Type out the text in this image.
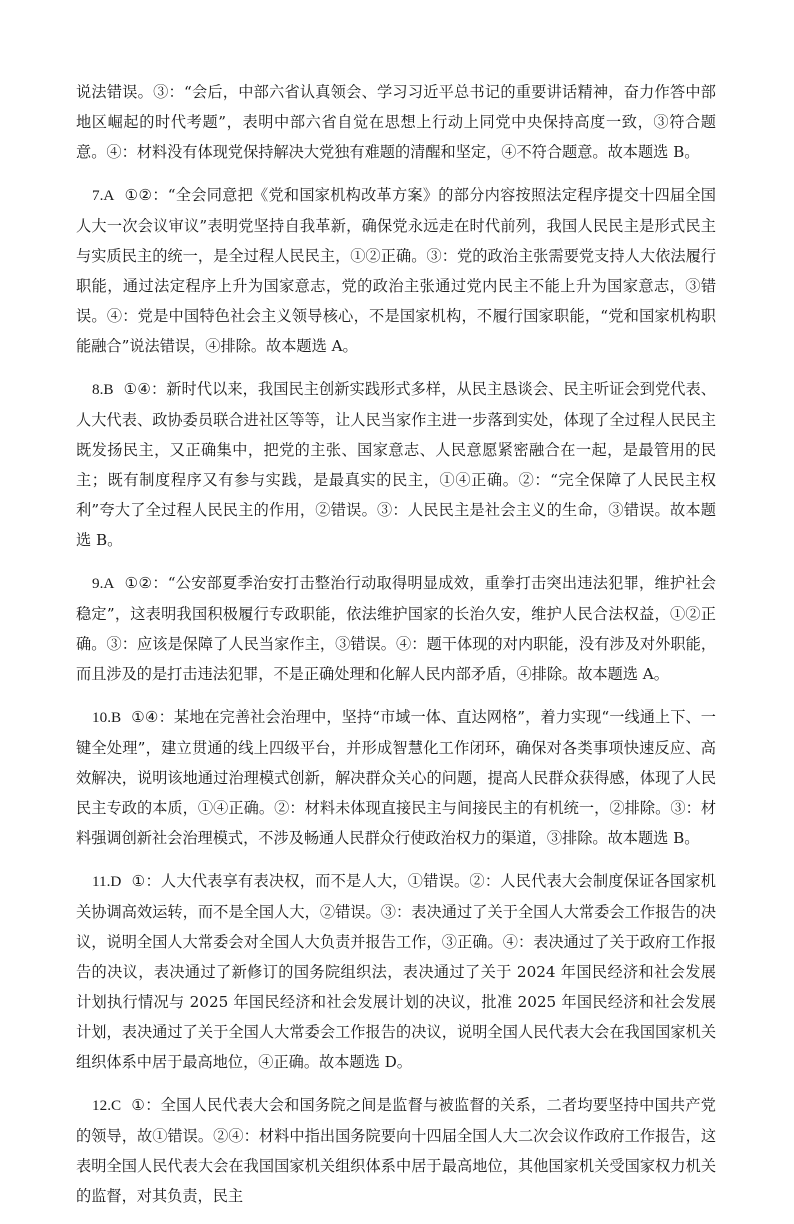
说法错误。③：“会后，中部六省认真领会、学习习近平总书记的重要讲话精神，奋力作答中部地区崛起的时代考题”，表明中部六省自觉在思想上行动上同党中央保持高度一致，③符合题意。④：材料没有体现党保持解决大党独有难题的清醒和坚定，④不符合题意。故本题选 B。

7.A ①②：“全会同意把《党和国家机构改革方案》的部分内容按照法定程序提交十四届全国人大一次会议审议”表明党坚持自我革新，确保党永远走在时代前列，我国人民民主是形式民主与实质民主的统一，是全过程人民民主，①②正确。③：党的政治主张需要党支持人大依法履行职能，通过法定程序上升为国家意志，党的政治主张通过党内民主不能上升为国家意志，③错误。④：党是中国特色社会主义领导核心，不是国家机构，不履行国家职能，“党和国家机构职能融合”说法错误，④排除。故本题选 A。

8.B ①④：新时代以来，我国民主创新实践形式多样，从民主恳谈会、民主听证会到党代表、人大代表、政协委员联合进社区等等，让人民当家作主进一步落到实处，体现了全过程人民民主既发扬民主，又正确集中，把党的主张、国家意志、人民意愿紧密融合在一起，是最管用的民主；既有制度程序又有参与实践，是最真实的民主，①④正确。②：“完全保障了人民民主权利”夸大了全过程人民民主的作用，②错误。③：人民民主是社会主义的生命，③错误。故本题选 B。

9.A ①②：“公安部夏季治安打击整治行动取得明显成效，重拳打击突出违法犯罪，维护社会稳定”，这表明我国积极履行专政职能，依法维护国家的长治久安，维护人民合法权益，①②正确。③：应该是保障了人民当家作主，③错误。④：题干体现的对内职能，没有涉及对外职能，而且涉及的是打击违法犯罪，不是正确处理和化解人民内部矛盾，④排除。故本题选 A。

10.B ①④：某地在完善社会治理中，坚持“市域一体、直达网格”，着力实现“一线通上下、一键全处理”，建立贯通的线上四级平台，并形成智慧化工作闭环，确保对各类事项快速反应、高效解决，说明该地通过治理模式创新，解决群众关心的问题，提高人民群众获得感，体现了人民民主专政的本质，①④正确。②：材料未体现直接民主与间接民主的有机统一，②排除。③：材料强调创新社会治理模式，不涉及畅通人民群众行使政治权力的渠道，③排除。故本题选 B。

11.D ①：人大代表享有表决权，而不是人大，①错误。②：人民代表大会制度保证各国家机关协调高效运转，而不是全国人大，②错误。③：表决通过了关于全国人大常委会工作报告的决议，说明全国人大常委会对全国人大负责并报告工作，③正确。④：表决通过了关于政府工作报告的决议，表决通过了新修订的国务院组织法，表决通过了关于 2024 年国民经济和社会发展计划执行情况与 2025 年国民经济和社会发展计划的决议，批准 2025 年国民经济和社会发展计划，表决通过了关于全国人大常委会工作报告的决议，说明全国人民代表大会在我国国家机关组织体系中居于最高地位，④正确。故本题选 D。

12.C ①：全国人民代表大会和国务院之间是监督与被监督的关系，二者均要坚持中国共产党的领导，故①错误。②④：材料中指出国务院要向十四届全国人大二次会议作政府工作报告，这表明全国人民代表大会在我国国家机关组织体系中居于最高地位，其他国家机关受国家权力机关的监督，对其负责，民主
